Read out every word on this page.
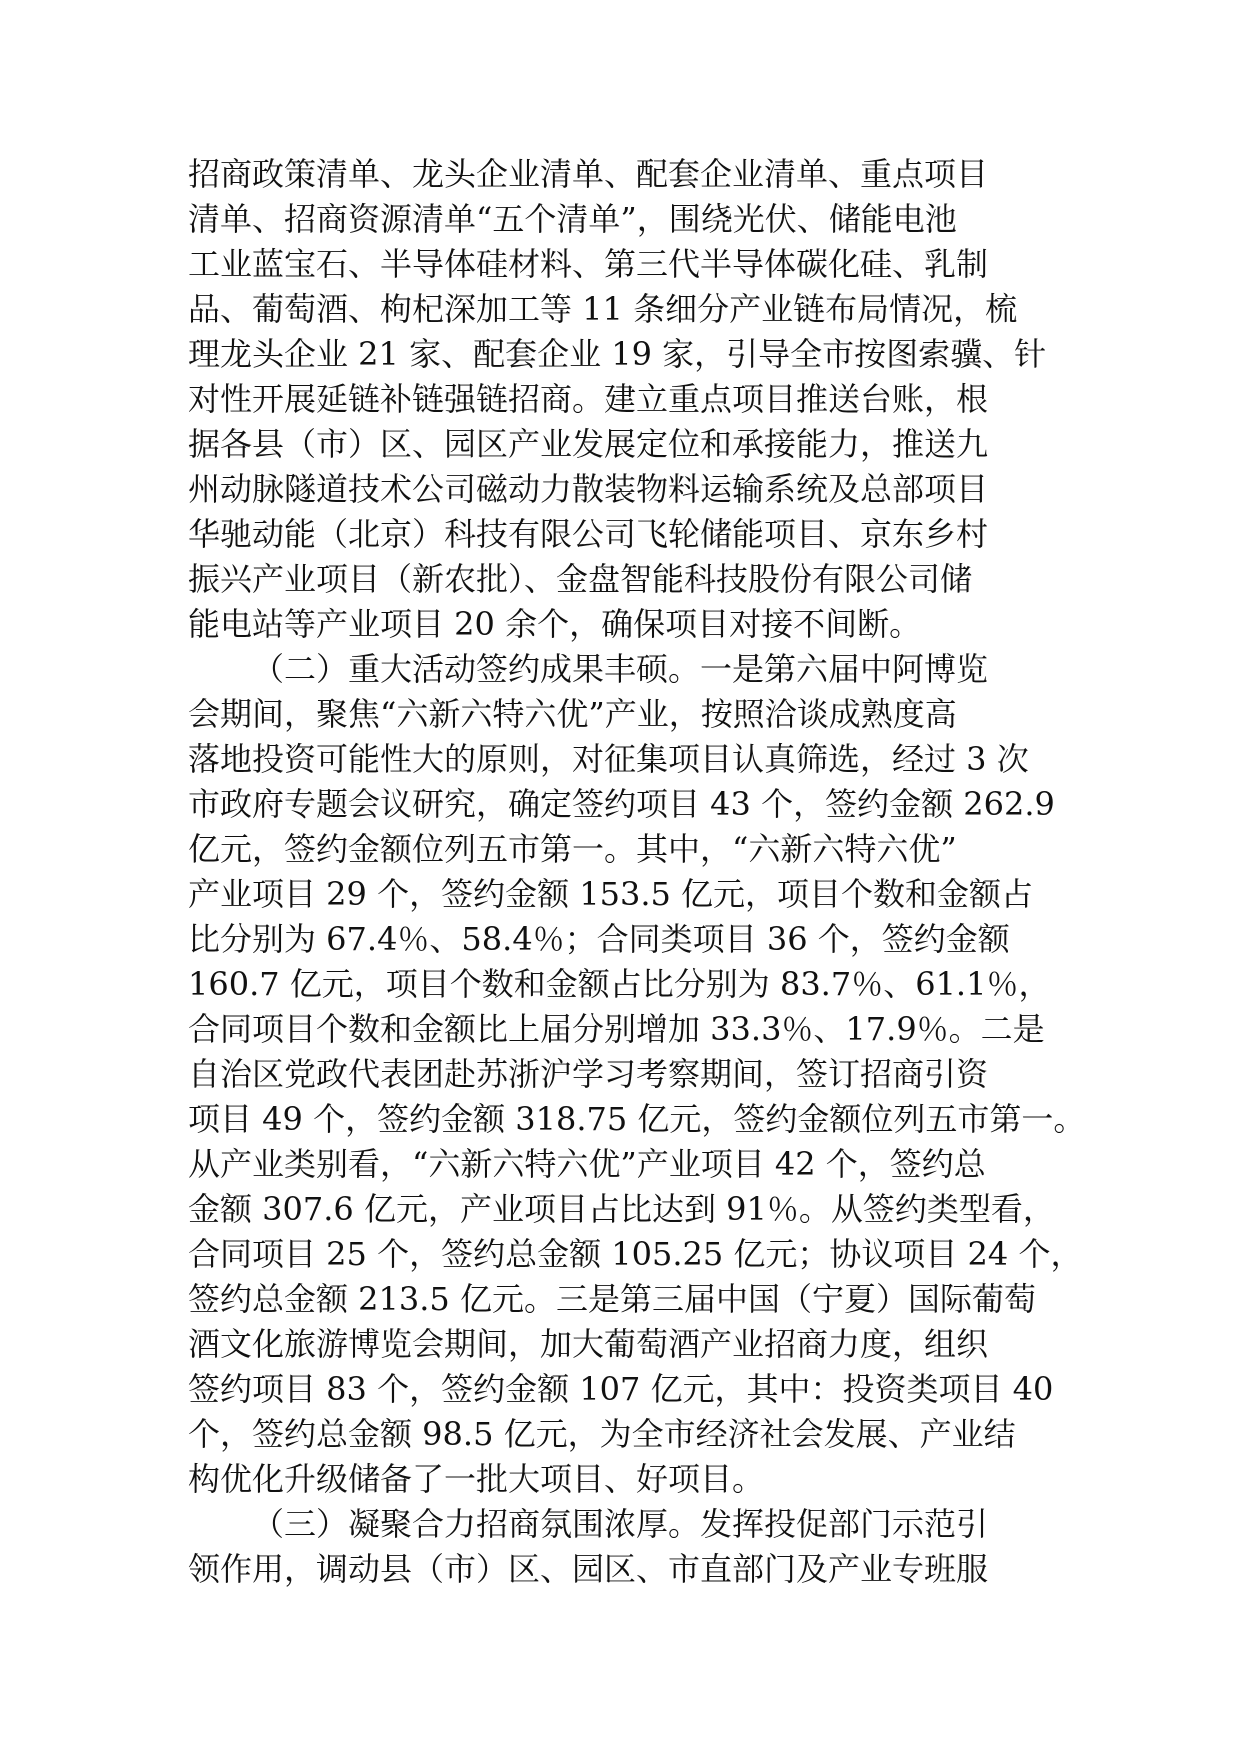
招商政策清单、龙头企业清单、配套企业清单、重点项目
清单、招商资源清单“五个清单”，围绕光伏、储能电池
工业蓝宝石、半导体硅材料、第三代半导体碳化硅、乳制
品、葡萄酒、枸杞深加工等 11 条细分产业链布局情况，梳
理龙头企业 21 家、配套企业 19 家，引导全市按图索骥、针
对性开展延链补链强链招商。建立重点项目推送台账，根
据各县（市）区、园区产业发展定位和承接能力，推送九
州动脉隧道技术公司磁动力散装物料运输系统及总部项目
华驰动能（北京）科技有限公司飞轮储能项目、京东乡村
振兴产业项目（新农批）、金盘智能科技股份有限公司储
能电站等产业项目 20 余个，确保项目对接不间断。
（二）重大活动签约成果丰硕。一是第六届中阿博览
会期间，聚焦“六新六特六优”产业，按照洽谈成熟度高
落地投资可能性大的原则，对征集项目认真筛选，经过 3 次
市政府专题会议研究，确定签约项目 43 个，签约金额 262.9
亿元，签约金额位列五市第一。其中，“六新六特六优”
产业项目 29 个，签约金额 153.5 亿元，项目个数和金额占
比分别为 67.4％、58.4％；合同类项目 36 个，签约金额
160.7 亿元，项目个数和金额占比分别为 83.7％、61.1％，
合同项目个数和金额比上届分别增加 33.3％、17.9％。二是
自治区党政代表团赴苏浙沪学习考察期间，签订招商引资
项目 49 个，签约金额 318.75 亿元，签约金额位列五市第一。
从产业类别看，“六新六特六优”产业项目 42 个，签约总
金额 307.6 亿元，产业项目占比达到 91％。从签约类型看，
合同项目 25 个，签约总金额 105.25 亿元；协议项目 24 个，
签约总金额 213.5 亿元。三是第三届中国（宁夏）国际葡萄
酒文化旅游博览会期间，加大葡萄酒产业招商力度，组织
签约项目 83 个，签约金额 107 亿元，其中：投资类项目 40
个，签约总金额 98.5 亿元，为全市经济社会发展、产业结
构优化升级储备了一批大项目、好项目。
（三）凝聚合力招商氛围浓厚。发挥投促部门示范引
领作用，调动县（市）区、园区、市直部门及产业专班服
